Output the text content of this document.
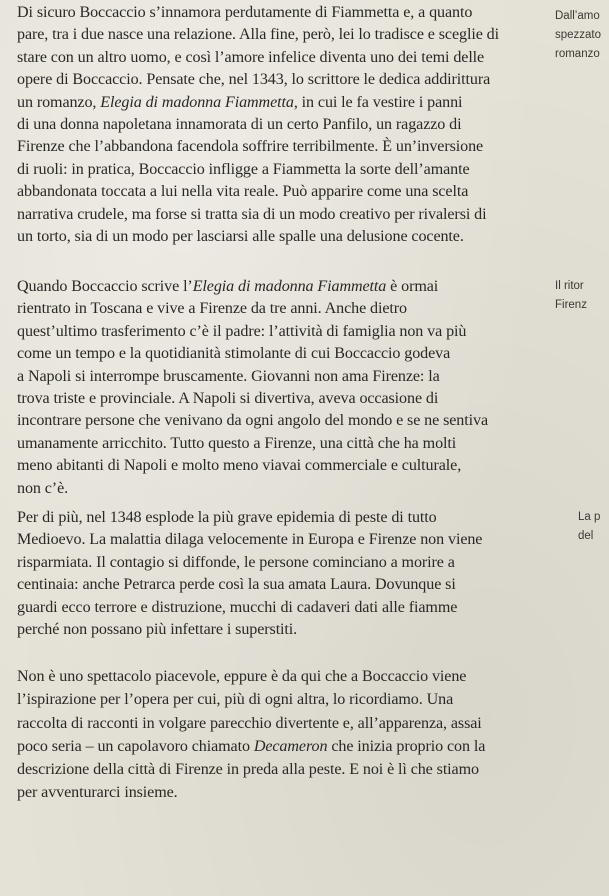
Di sicuro Boccaccio s’innamora perdutamente di Fiammetta e, a quanto
pare, tra i due nasce una relazione. Alla fine, però, lei lo tradisce e sceglie di
stare con un altro uomo, e così l’amore infelice diventa uno dei temi delle
opere di Boccaccio. Pensate che, nel 1343, lo scrittore le dedica addirittura
un romanzo, Elegia di madonna Fiammetta, in cui le fa vestire i panni
di una donna napoletana innamorata di un certo Panfilo, un ragazzo di
Firenze che l’abbandona facendola soffrire terribilmente. È un’inversione
di ruoli: in pratica, Boccaccio infligge a Fiammetta la sorte dell’amante
abbandonata toccata a lui nella vita reale. Può apparire come una scelta
narrativa crudele, ma forse si tratta sia di un modo creativo per rivalersi di
un torto, sia di un modo per lasciarsi alle spalle una delusione cocente.
Quando Boccaccio scrive l’Elegia di madonna Fiammetta è ormai
rientrato in Toscana e vive a Firenze da tre anni. Anche dietro
quest’ultimo trasferimento c’è il padre: l’attività di famiglia non va più
come un tempo e la quotidianità stimolante di cui Boccaccio godeva
a Napoli si interrompe bruscamente. Giovanni non ama Firenze: la
trova triste e provinciale. A Napoli si divertiva, aveva occasione di
incontrare persone che venivano da ogni angolo del mondo e se ne sentiva
umanamente arricchito. Tutto questo a Firenze, una città che ha molti
meno abitanti di Napoli e molto meno viavai commerciale e culturale,
non c’è.
Per di più, nel 1348 esplode la più grave epidemia di peste di tutto
Medioevo. La malattia dilaga velocemente in Europa e Firenze non viene
risparmiata. Il contagio si diffonde, le persone cominciano a morire a
centinaia: anche Petrarca perde così la sua amata Laura. Dovunque si
guardi ecco terrore e distruzione, mucchi di cadaveri dati alle fiamme
perché non possano più infettare i superstiti.
Non è uno spettacolo piacevole, eppure è da qui che a Boccaccio viene
l’ispirazione per l’opera per cui, più di ogni altra, lo ricordiamo. Una
raccolta di racconti in volgare parecchio divertente e, all’apparenza, assai
poco seria – un capolavoro chiamato Decameron che inizia proprio con la
descrizione della città di Firenze in preda alla peste. E noi è lì che stiamo
per avventurarci insieme.
Dall’amo
spezzato
romanzo
Il ritor
Firenz
La p
del
